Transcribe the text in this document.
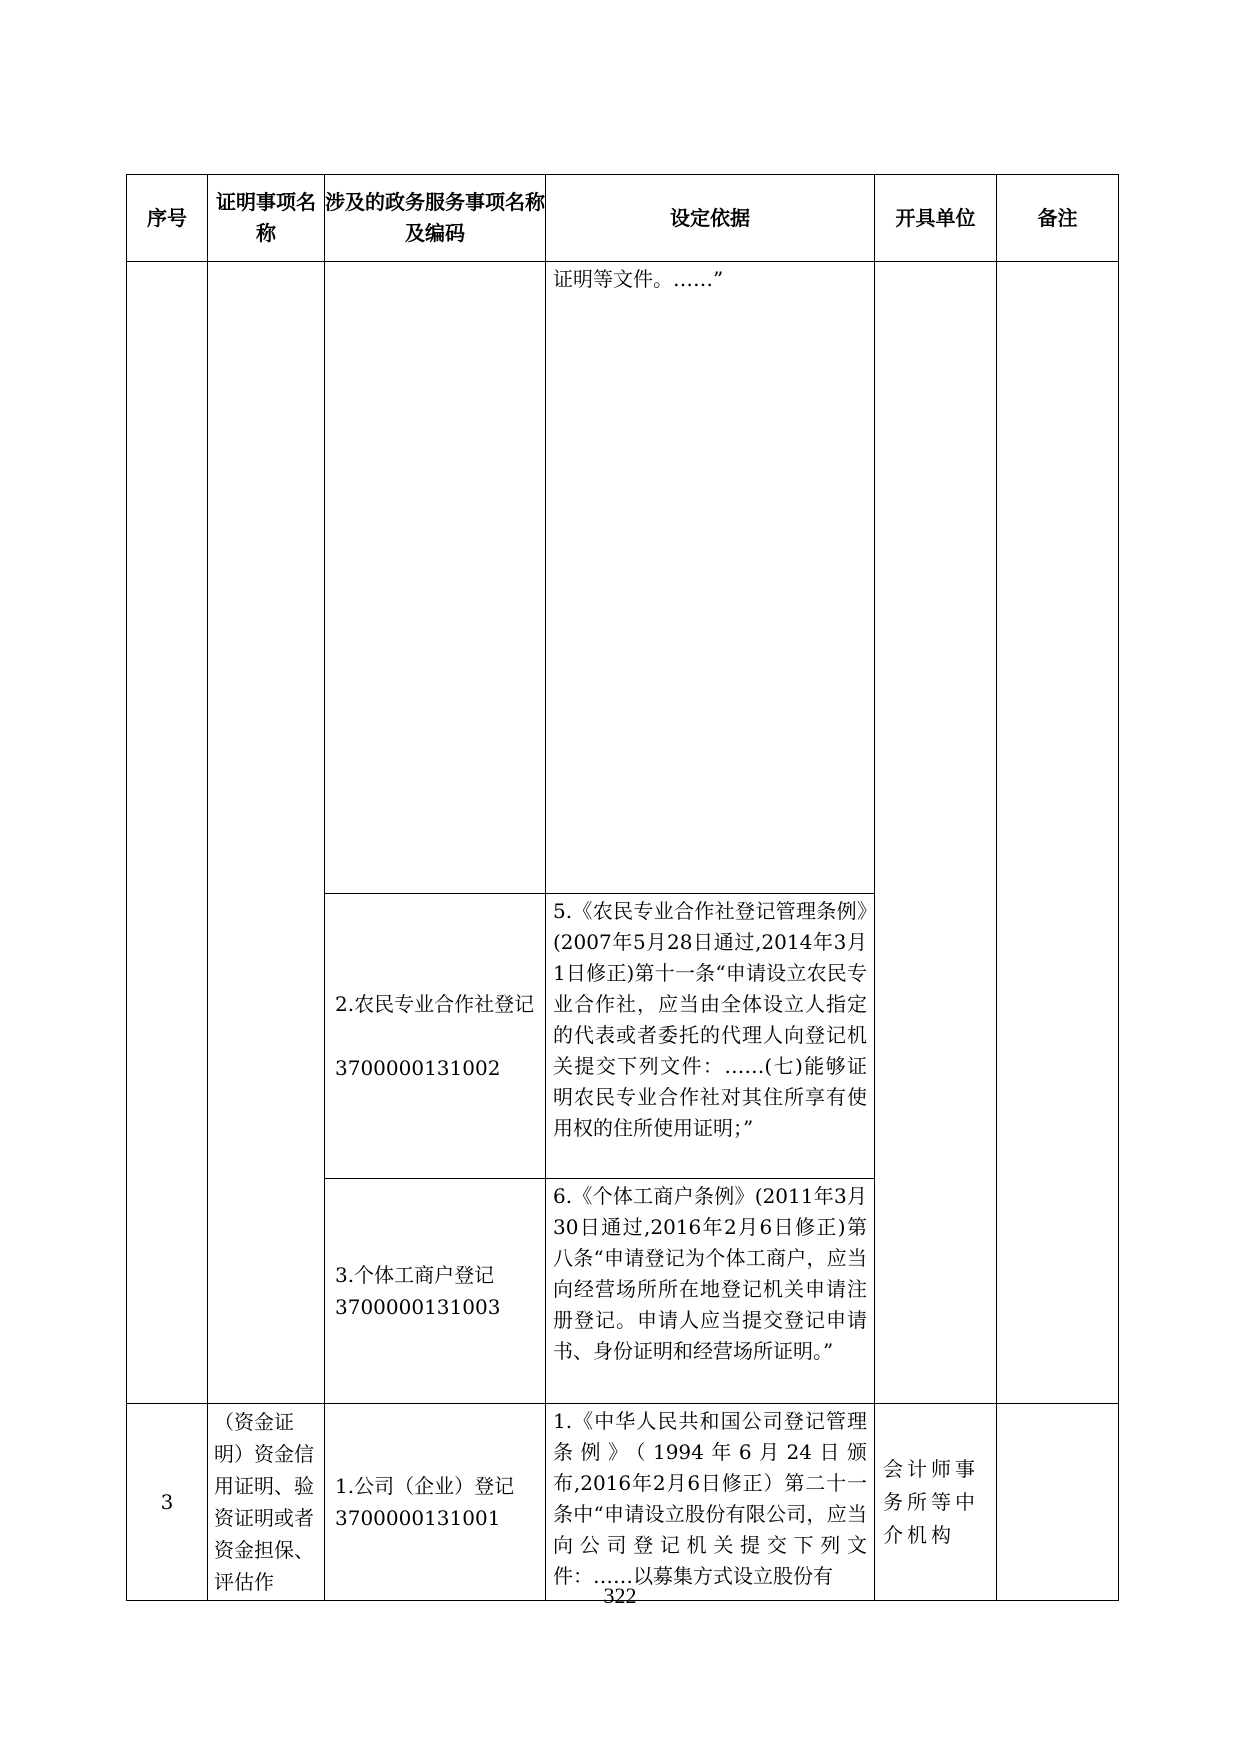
序号	证明事项名称	涉及的政务服务事项名称及编码	设定依据	开具单位	备注

			证明等文件。……”		

		2.农民专业合作社登记3700000131002	5.《农民专业合作社登记管理条例》(2007年5月28日通过,2014年3月1日修正)第十一条“申请设立农民专业合作社，应当由全体设立人指定的代表或者委托的代理人向登记机关提交下列文件：……(七)能够证明农民专业合作社对其住所享有使用权的住所使用证明；”		

		3.个体工商户登记3700000131003	6.《个体工商户条例》(2011年3月30日通过,2016年2月6日修正)第八条“申请登记为个体工商户，应当向经营场所所在地登记机关申请注册登记。申请人应当提交登记申请书、身份证明和经营场所证明。”		

3	（资金证明）资金信用证明、验资证明或者资金担保、评估作	1.公司（企业）登记3700000131001	1.《中华人民共和国公司登记管理条例》（1994年6月24日颁布,2016年2月6日修正）第二十一条中“申请设立股份有限公司，应当向公司登记机关提交下列文件：……以募集方式设立股份有	会计师事务所等中介机构	

322
